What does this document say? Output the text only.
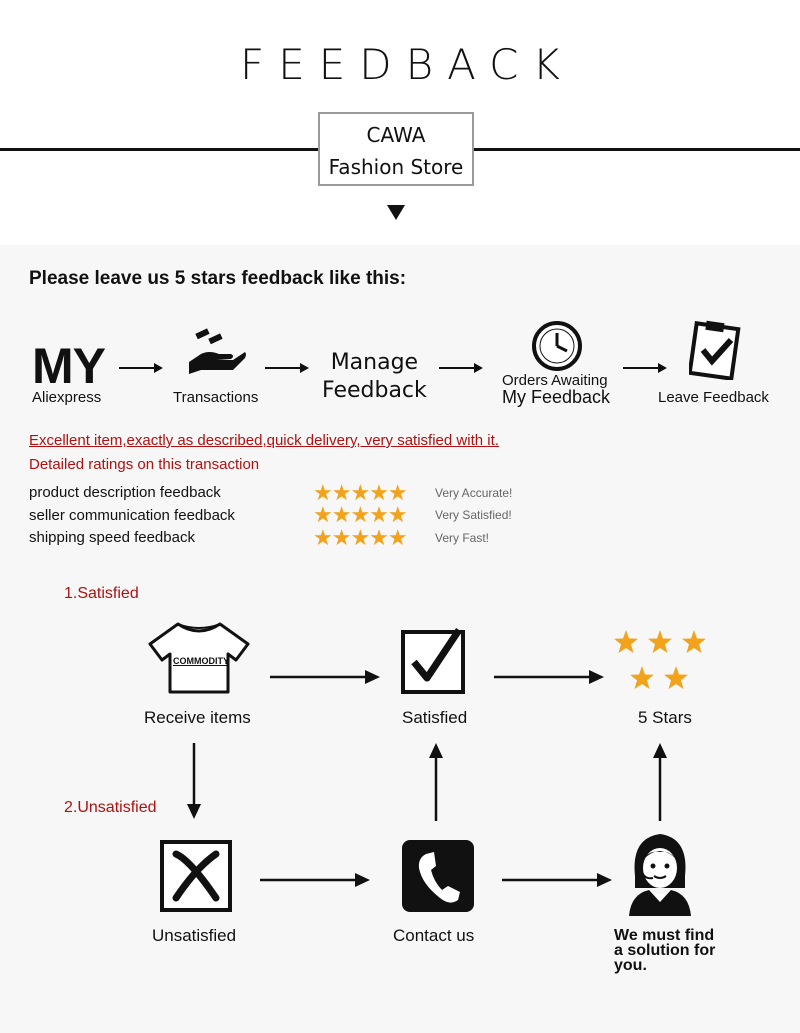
FEEDBACK
CAWA
Fashion Store
Please leave us 5 stars feedback like this:
MY
Aliexpress	Transactions
Manage
Feedback	Orders Awaiting
My Feedback	Leave Feedback
Excellent item,exactly as described,quick delivery, very satisfied with it.
Detailed ratings on this transaction
product description feedback	★★★★★ Very Accurate!
seller communication feedback	★★★★★ Very Satisfied!
shipping speed feedback	★★★★★ Very Fast!
1.Satisfied
COMMODITY
Receive items	Satisfied	5 Stars
2.Unsatisfied
Unsatisfied	Contact us	We must find
a solution for
you.
